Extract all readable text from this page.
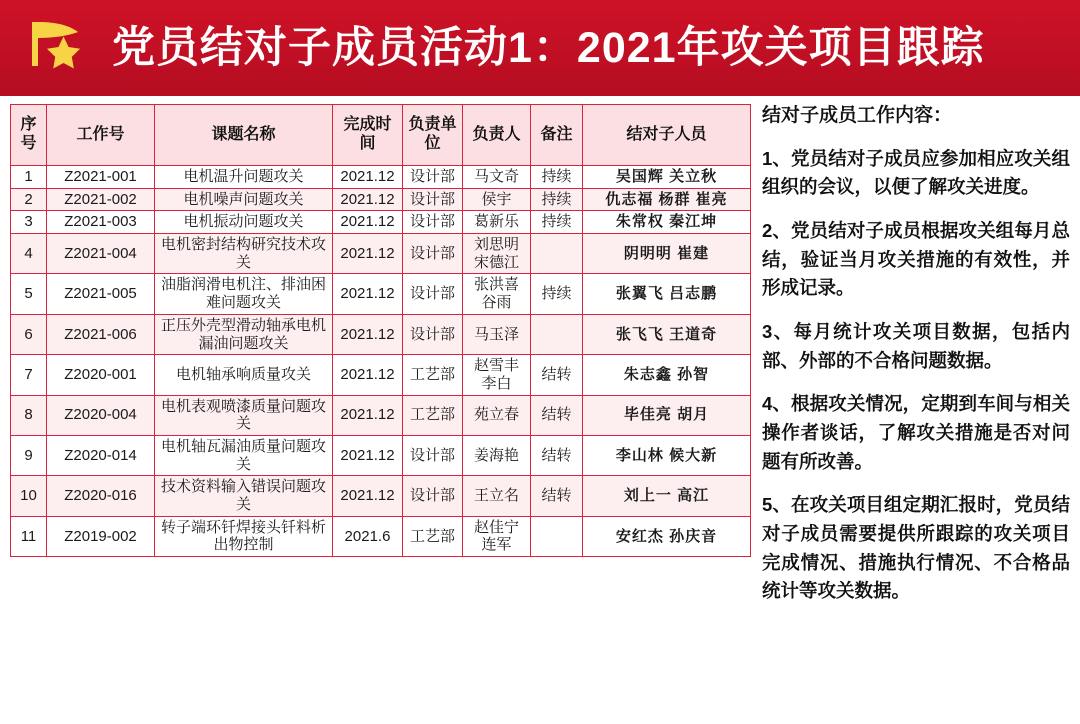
党员结对子成员活动1：2021年攻关项目跟踪
序号	工作号	课题名称	完成时间	负责单位	负责人	备注	结对子人员
1	Z2021-001	电机温升问题攻关	2021.12	设计部	马文奇	持续	吴国辉 关立秋
2	Z2021-002	电机噪声问题攻关	2021.12	设计部	侯宇	持续	仇志福 杨群 崔亮
3	Z2021-003	电机振动问题攻关	2021.12	设计部	葛新乐	持续	朱常权 秦江坤
4	Z2021-004	电机密封结构研究技术攻关	2021.12	设计部	刘思明 宋德江		阴明明 崔建
5	Z2021-005	油脂润滑电机注、排油困难问题攻关	2021.12	设计部	张洪喜 谷雨	持续	张翼飞 吕志鹏
6	Z2021-006	正压外壳型滑动轴承电机漏油问题攻关	2021.12	设计部	马玉泽		张飞飞 王道奇
7	Z2020-001	电机轴承响质量攻关	2021.12	工艺部	赵雪丰 李白	结转	朱志鑫 孙智
8	Z2020-004	电机表观喷漆质量问题攻关	2021.12	工艺部	苑立春	结转	毕佳亮 胡月
9	Z2020-014	电机轴瓦漏油质量问题攻关	2021.12	设计部	姜海艳	结转	李山林 候大新
10	Z2020-016	技术资料输入错误问题攻关	2021.12	设计部	王立名	结转	刘上一 高江
11	Z2019-002	转子端环钎焊接头钎料析出物控制	2021.6	工艺部	赵佳宁 连军		安红杰 孙庆音
结对子成员工作内容：
1、党员结对子成员应参加相应攻关组组织的会议，以便了解攻关进度。
2、党员结对子成员根据攻关组每月总结，验证当月攻关措施的有效性，并形成记录。
3、每月统计攻关项目数据，包括内部、外部的不合格问题数据。
4、根据攻关情况，定期到车间与相关操作者谈话，了解攻关措施是否对问题有所改善。
5、在攻关项目组定期汇报时，党员结对子成员需要提供所跟踪的攻关项目完成情况、措施执行情况、不合格品统计等攻关数据。
